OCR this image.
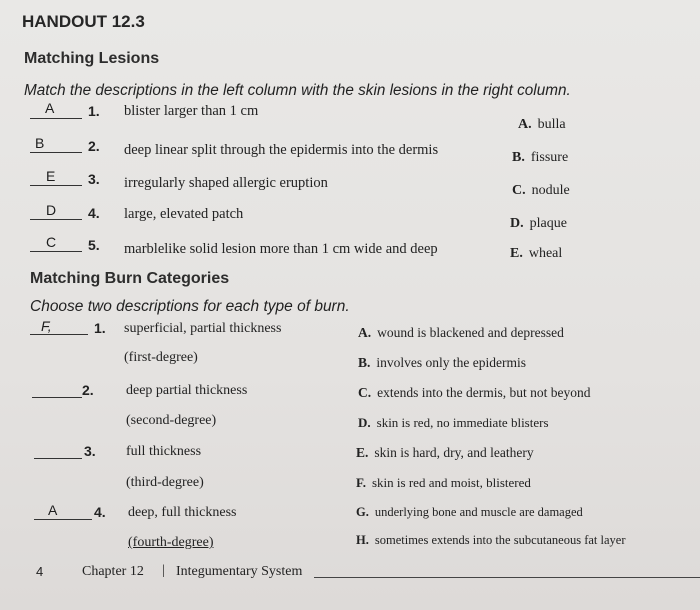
HANDOUT 12.3
Matching Lesions
Match the descriptions in the left column with the skin lesions in the right column.
A 1. blister larger than 1 cm
B	2. deep linear split through the epidermis into the dermis
E 3. irregularly shaped allergic eruption
D 4. large, elevated patch
C 5. marblelike solid lesion more than 1 cm wide and deep
A. bulla
B. fissure
C. nodule
D. plaque
E. wheal
Matching Burn Categories
Choose two descriptions for each type of burn.
F,	1. superficial, partial thickness
(first-degree)
2. deep partial thickness
(second-degree)
3. full thickness
(third-degree)
A	4. deep, full thickness
(fourth-degree)
A. wound is blackened and depressed
B. involves only the epidermis
C. extends into the dermis, but not beyond
D. skin is red, no immediate blisters
E. skin is hard, dry, and leathery
F. skin is red and moist, blistered
G. underlying bone and muscle are damaged
H. sometimes extends into the subcutaneous fat layer
4	Chapter 12 | Integumentary System
